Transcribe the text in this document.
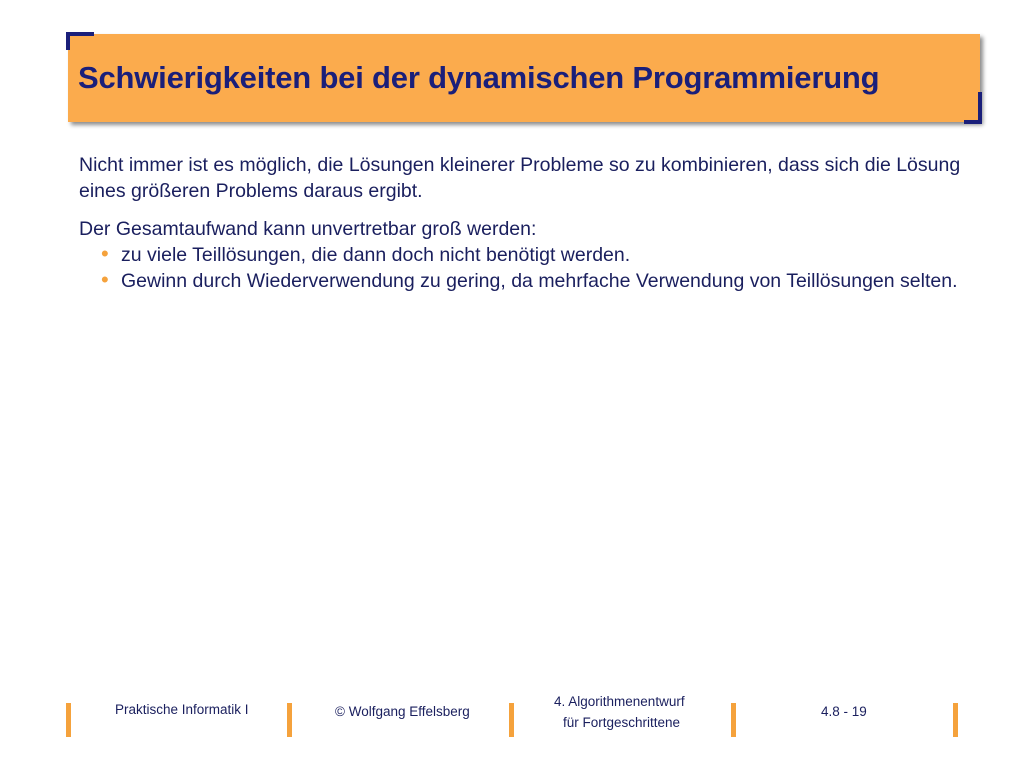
Schwierigkeiten bei der dynamischen Programmierung

Nicht immer ist es möglich, die Lösungen kleinerer Probleme so zu kombinieren, dass sich die Lösung eines größeren Problems daraus ergibt.

Der Gesamtaufwand kann unvertretbar groß werden:

• zu viele Teillösungen, die dann doch nicht benötigt werden.
• Gewinn durch Wiederverwendung zu gering, da mehrfache Verwendung von Teillösungen selten.
Praktische Informatik I	© Wolfgang Effelsberg
4. Algorithmenentwurf
für Fortgeschrittene
4.8 - 19
